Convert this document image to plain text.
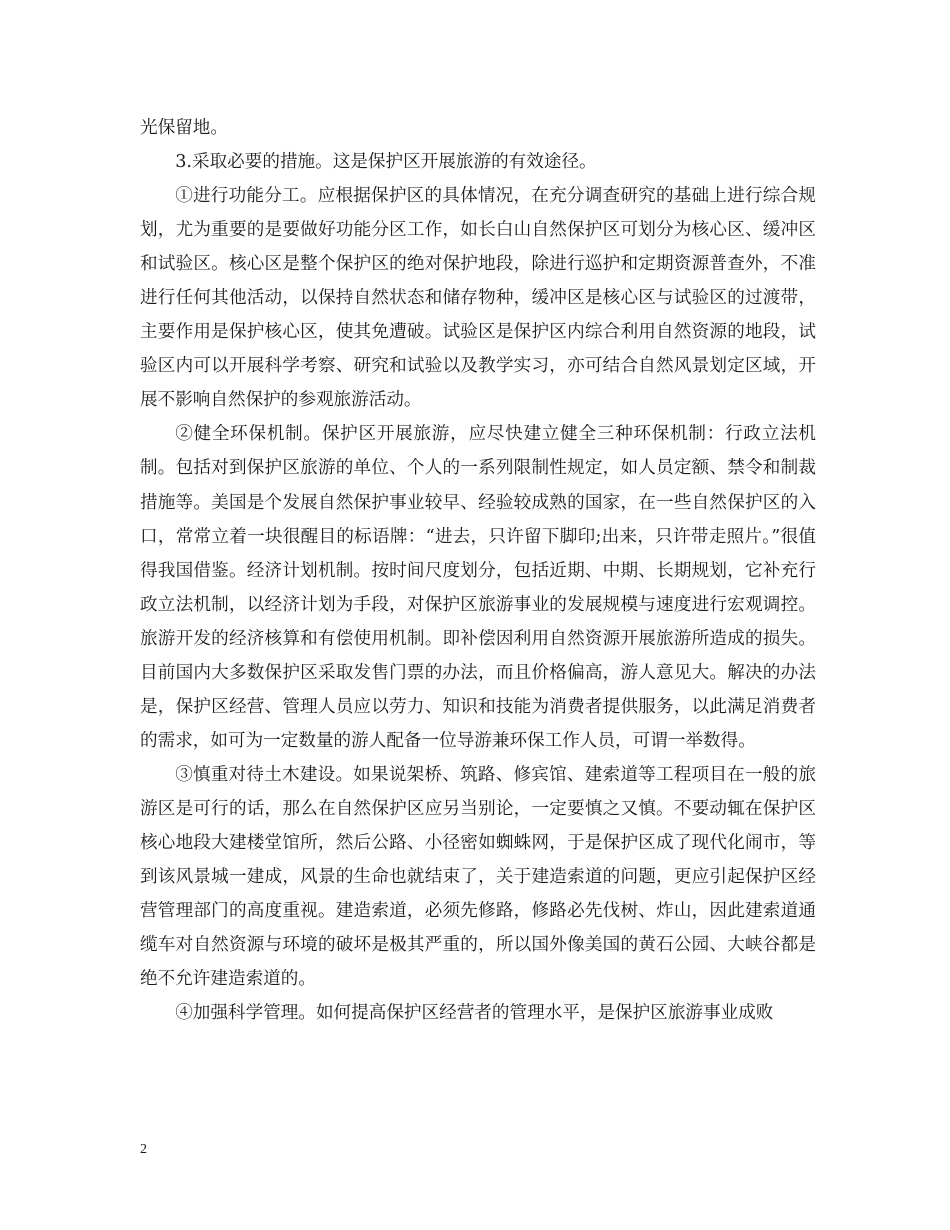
光保留地。

3.采取必要的措施。这是保护区开展旅游的有效途径。

①进行功能分工。应根据保护区的具体情况，在充分调查研究的基础上进行综合规划，尤为重要的是要做好功能分区工作，如长白山自然保护区可划分为核心区、缓冲区和试验区。核心区是整个保护区的绝对保护地段，除进行巡护和定期资源普查外，不准进行任何其他活动，以保持自然状态和储存物种，缓冲区是核心区与试验区的过渡带，主要作用是保护核心区，使其免遭破。试验区是保护区内综合利用自然资源的地段，试验区内可以开展科学考察、研究和试验以及教学实习，亦可结合自然风景划定区域，开展不影响自然保护的参观旅游活动。

②健全环保机制。保护区开展旅游，应尽快建立健全三种环保机制：行政立法机制。包括对到保护区旅游的单位、个人的一系列限制性规定，如人员定额、禁令和制裁措施等。美国是个发展自然保护事业较早、经验较成熟的国家，在一些自然保护区的入口，常常立着一块很醒目的标语牌：“进去，只许留下脚印;出来，只许带走照片。”很值得我国借鉴。经济计划机制。按时间尺度划分，包括近期、中期、长期规划，它补充行政立法机制，以经济计划为手段，对保护区旅游事业的发展规模与速度进行宏观调控。旅游开发的经济核算和有偿使用机制。即补偿因利用自然资源开展旅游所造成的损失。目前国内大多数保护区采取发售门票的办法，而且价格偏高，游人意见大。解决的办法是，保护区经营、管理人员应以劳力、知识和技能为消费者提供服务，以此满足消费者的需求，如可为一定数量的游人配备一位导游兼环保工作人员，可谓一举数得。

③慎重对待土木建设。如果说架桥、筑路、修宾馆、建索道等工程项目在一般的旅游区是可行的话，那么在自然保护区应另当别论，一定要慎之又慎。不要动辄在保护区核心地段大建楼堂馆所，然后公路、小径密如蜘蛛网，于是保护区成了现代化闹市，等到该风景城一建成，风景的生命也就结束了，关于建造索道的问题，更应引起保护区经营管理部门的高度重视。建造索道，必须先修路，修路必先伐树、炸山，因此建索道通缆车对自然资源与环境的破坏是极其严重的，所以国外像美国的黄石公园、大峡谷都是绝不允许建造索道的。

④加强科学管理。如何提高保护区经营者的管理水平，是保护区旅游事业成败

2
